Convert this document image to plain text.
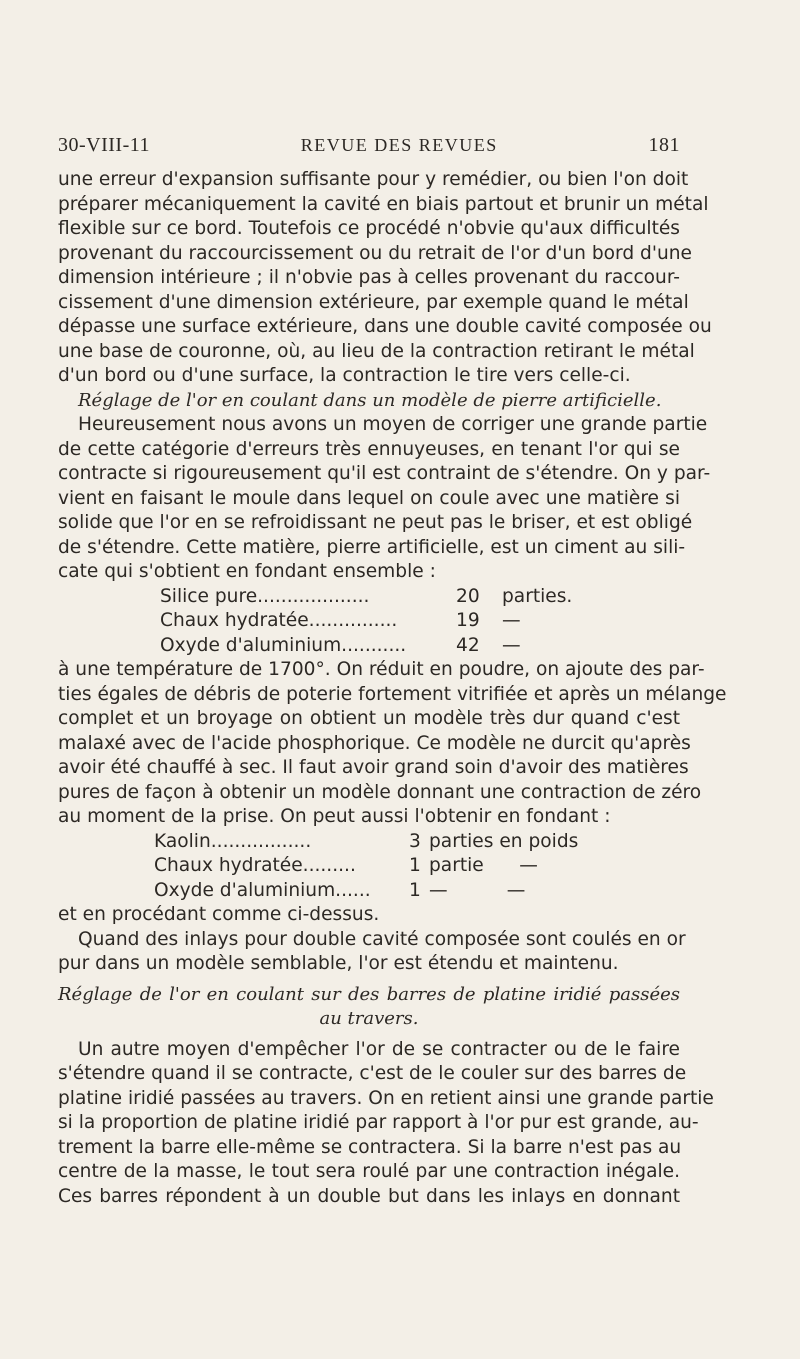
30-VIII-11	REVUE DES REVUES	181
une erreur d'expansion suffisante pour y remédier, ou bien l'on doit
préparer mécaniquement la cavité en biais partout et brunir un métal
flexible sur ce bord. Toutefois ce procédé n'obvie qu'aux difficultés
provenant du raccourcissement ou du retrait de l'or d'un bord d'une
dimension intérieure ; il n'obvie pas à celles provenant du raccour-
cissement d'une dimension extérieure, par exemple quand le métal
dépasse une surface extérieure, dans une double cavité composée ou
une base de couronne, où, au lieu de la contraction retirant le métal
d'un bord ou d'une surface, la contraction le tire vers celle-ci.
Réglage de l'or en coulant dans un modèle de pierre artificielle.
Heureusement nous avons un moyen de corriger une grande partie
de cette catégorie d'erreurs très ennuyeuses, en tenant l'or qui se
contracte si rigoureusement qu'il est contraint de s'étendre. On y par-
vient en faisant le moule dans lequel on coule avec une matière si
solide que l'or en se refroidissant ne peut pas le briser, et est obligé
de s'étendre. Cette matière, pierre artificielle, est un ciment au sili-
cate qui s'obtient en fondant ensemble :
Silice pure...................	20 parties.
Chaux hydratée...............	19 —
Oxyde d'aluminium...........	42 —
à une température de 1700°. On réduit en poudre, on ajoute des par-
ties égales de débris de poterie fortement vitrifiée et après un mélange
complet et un broyage on obtient un modèle très dur quand c'est
malaxé avec de l'acide phosphorique. Ce modèle ne durcit qu'après
avoir été chauffé à sec. Il faut avoir grand soin d'avoir des matières
pures de façon à obtenir un modèle donnant une contraction de zéro
au moment de la prise. On peut aussi l'obtenir en fondant :
Kaolin.................	3 parties en poids
Chaux hydratée.........	1 partie      —
Oxyde d'aluminium...... 1 —          —
et en procédant comme ci-dessus.
Quand des inlays pour double cavité composée sont coulés en or
pur dans un modèle semblable, l'or est étendu et maintenu.
Réglage de l'or en coulant sur des barres de platine iridié passées
au travers.
Un autre moyen d'empêcher l'or de se contracter ou de le faire
s'étendre quand il se contracte, c'est de le couler sur des barres de
platine iridié passées au travers. On en retient ainsi une grande partie
si la proportion de platine iridié par rapport à l'or pur est grande, au-
trement la barre elle-même se contractera. Si la barre n'est pas au
centre de la masse, le tout sera roulé par une contraction inégale.
Ces barres répondent à un double but dans les inlays en donnant
